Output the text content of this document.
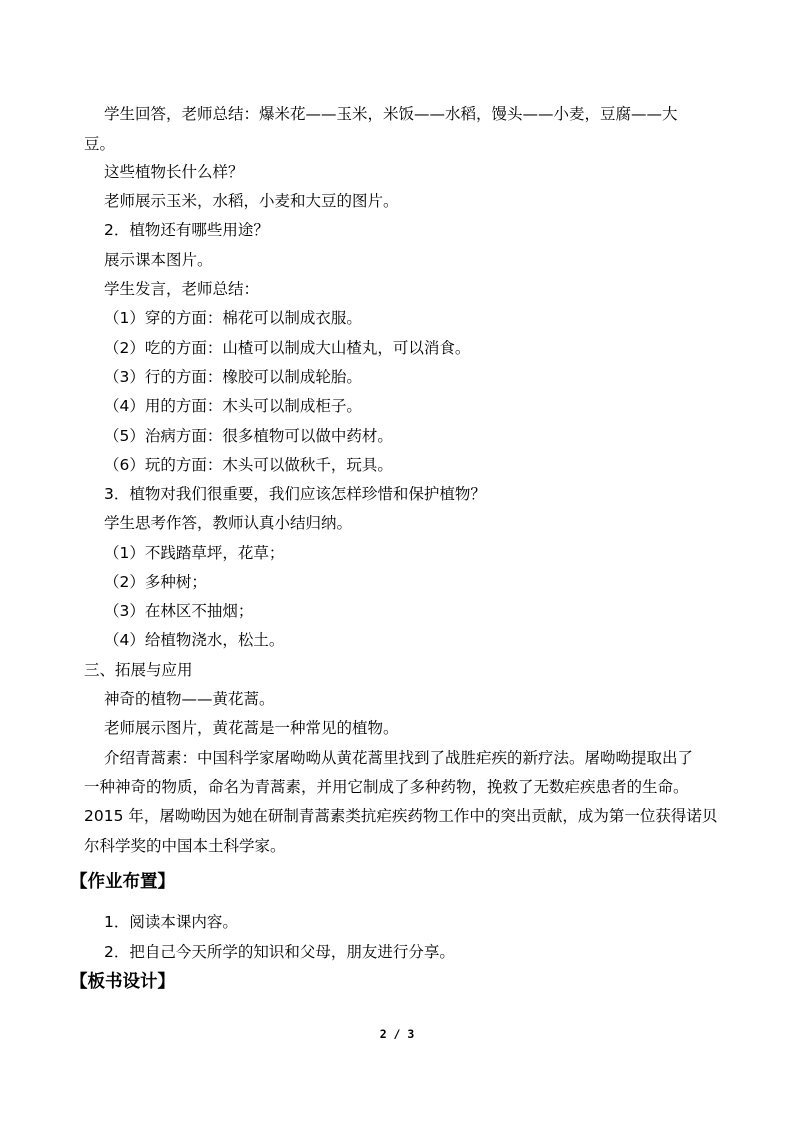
学生回答，老师总结：爆米花——玉米，米饭——水稻，馒头——小麦，豆腐——大
豆。
这些植物长什么样？
老师展示玉米，水稻，小麦和大豆的图片。
2．植物还有哪些用途？
展示课本图片。
学生发言，老师总结：
（1）穿的方面：棉花可以制成衣服。
（2）吃的方面：山楂可以制成大山楂丸，可以消食。
（3）行的方面：橡胶可以制成轮胎。
（4）用的方面：木头可以制成柜子。
（5）治病方面：很多植物可以做中药材。
（6）玩的方面：木头可以做秋千，玩具。
3．植物对我们很重要，我们应该怎样珍惜和保护植物？
学生思考作答，教师认真小结归纳。
（1）不践踏草坪，花草；
（2）多种树；
（3）在林区不抽烟；
（4）给植物浇水，松土。
三、拓展与应用
神奇的植物——黄花蒿。
老师展示图片，黄花蒿是一种常见的植物。
介绍青蒿素：中国科学家屠呦呦从黄花蒿里找到了战胜疟疾的新疗法。屠呦呦提取出了
一种神奇的物质，命名为青蒿素，并用它制成了多种药物，挽救了无数疟疾患者的生命。
2015 年，屠呦呦因为她在研制青蒿素类抗疟疾药物工作中的突出贡献，成为第一位获得诺贝
尔科学奖的中国本土科学家。
【作业布置】
1．阅读本课内容。
2．把自己今天所学的知识和父母，朋友进行分享。
【板书设计】
2 / 3
